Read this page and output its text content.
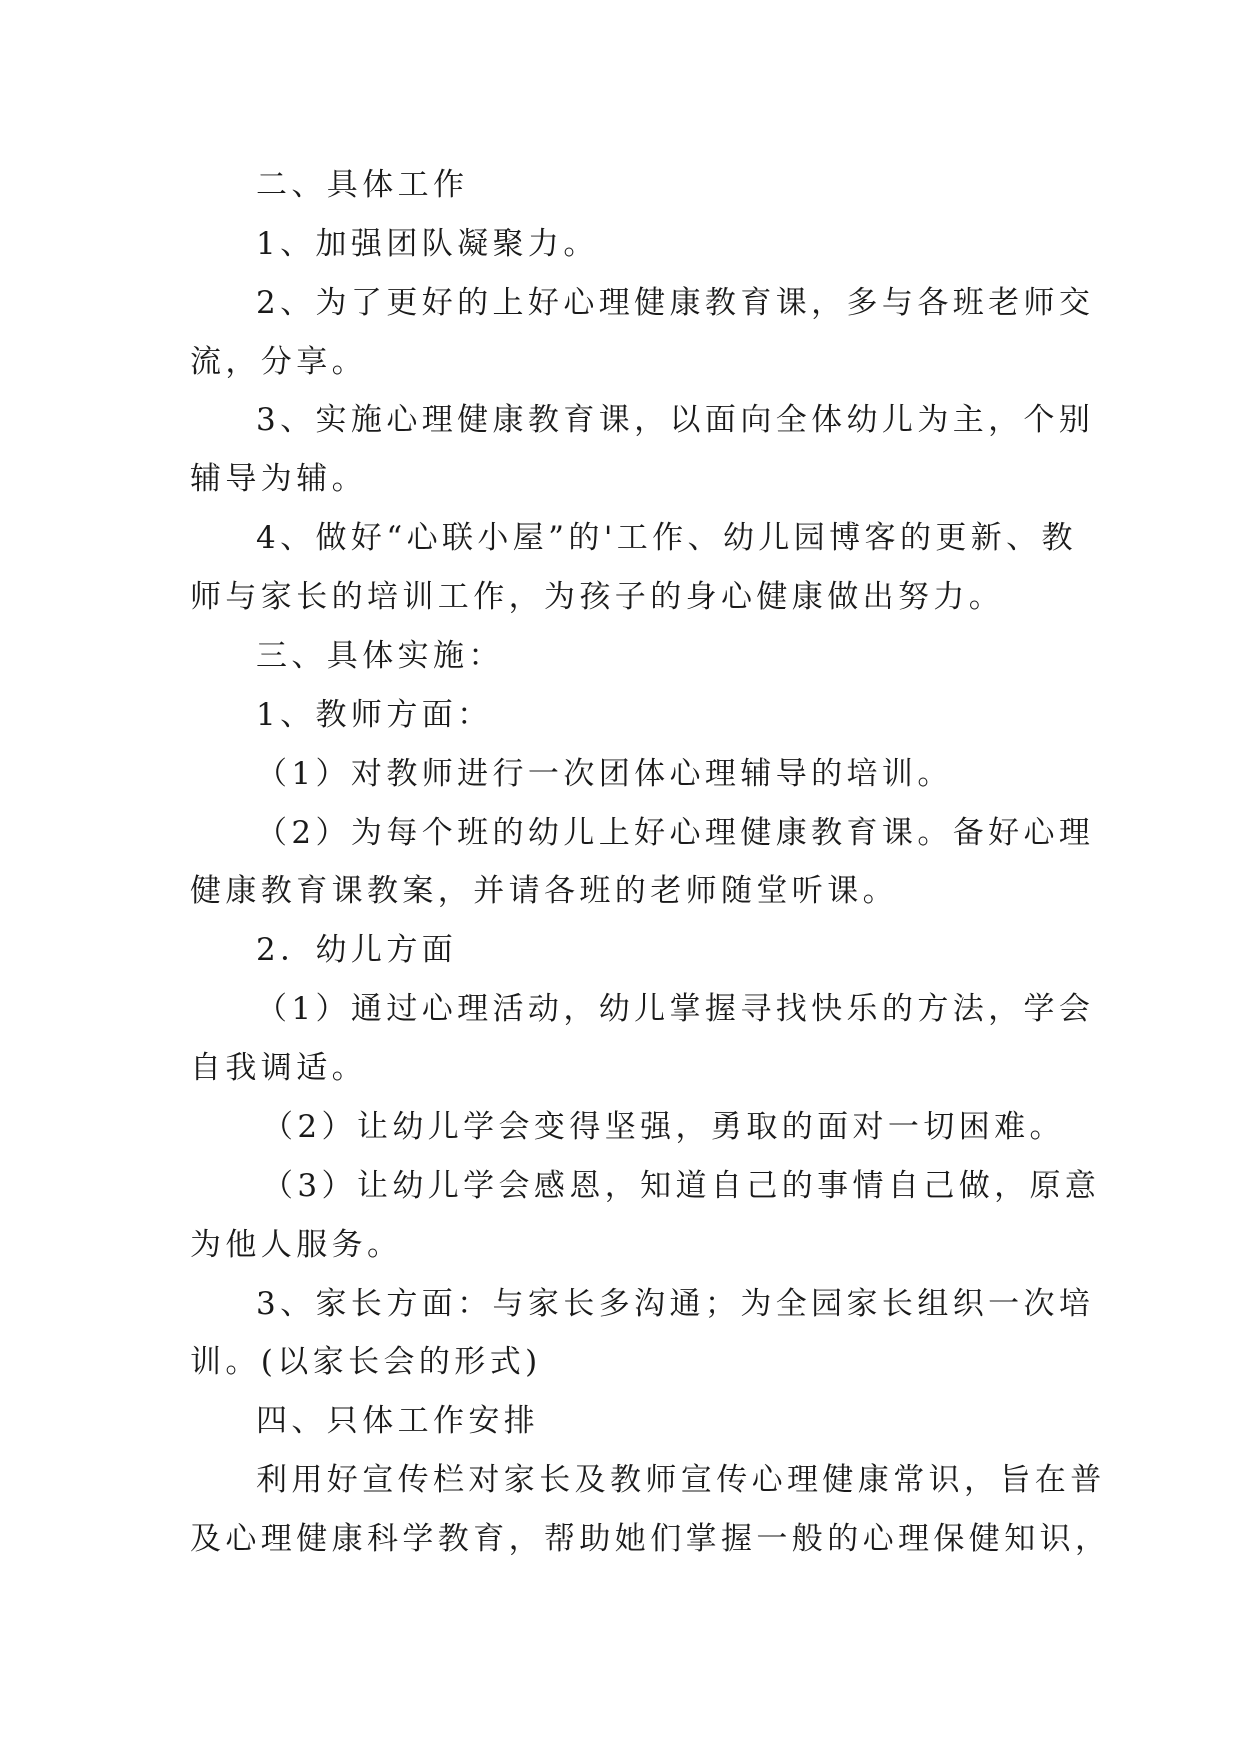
二、具体工作
1、加强团队凝聚力。
2、为了更好的上好心理健康教育课，多与各班老师交
流，分享。
3、实施心理健康教育课，以面向全体幼儿为主，个别
辅导为辅。
4、做好“心联小屋”的'工作、幼儿园博客的更新、教
师与家长的培训工作，为孩子的身心健康做出努力。
三、具体实施：
1、教师方面：
（1）对教师进行一次团体心理辅导的培训。
（2）为每个班的幼儿上好心理健康教育课。备好心理
健康教育课教案，并请各班的老师随堂听课。
2．幼儿方面
（1）通过心理活动，幼儿掌握寻找快乐的方法，学会
自我调适。
（2）让幼儿学会变得坚强，勇取的面对一切困难。
（3）让幼儿学会感恩，知道自己的事情自己做，原意
为他人服务。
3、家长方面：与家长多沟通；为全园家长组织一次培
训。(以家长会的形式)
四、只体工作安排
利用好宣传栏对家长及教师宣传心理健康常识，旨在普
及心理健康科学教育，帮助她们掌握一般的心理保健知识，
